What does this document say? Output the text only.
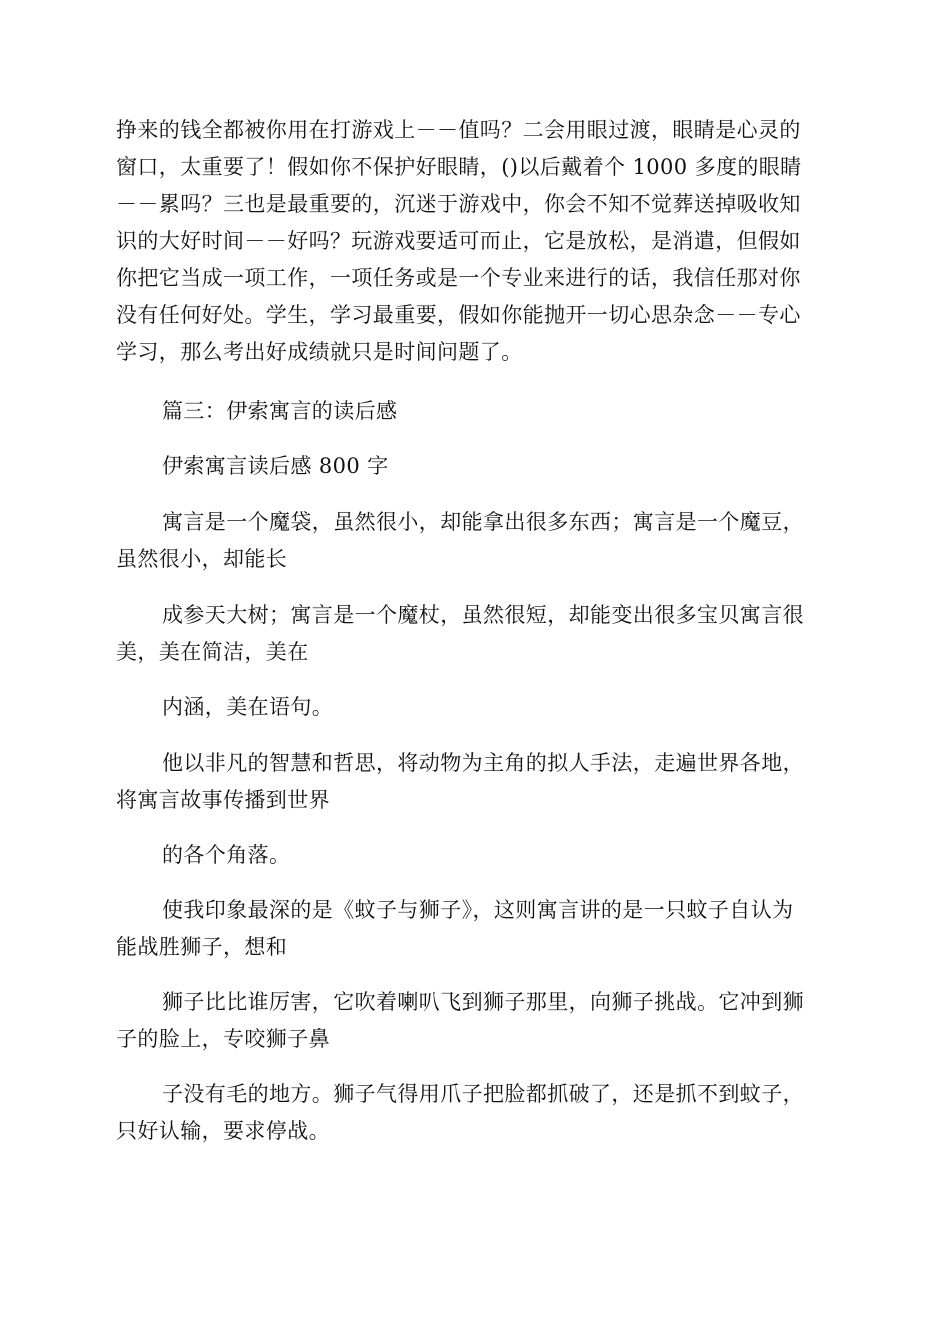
挣来的钱全都被你用在打游戏上－－值吗？二会用眼过渡，眼睛是心灵的
窗口，太重要了！假如你不保护好眼睛，()以后戴着个 1000 多度的眼睛
－－累吗？三也是最重要的，沉迷于游戏中，你会不知不觉葬送掉吸收知
识的大好时间－－好吗？玩游戏要适可而止，它是放松，是消遣，但假如
你把它当成一项工作，一项任务或是一个专业来进行的话，我信任那对你
没有任何好处。学生，学习最重要，假如你能抛开一切心思杂念－－专心
学习，那么考出好成绩就只是时间问题了。
篇三：伊索寓言的读后感
伊索寓言读后感 800 字
寓言是一个魔袋，虽然很小，却能拿出很多东西；寓言是一个魔豆，
虽然很小，却能长
成参天大树；寓言是一个魔杖，虽然很短，却能变出很多宝贝寓言很
美，美在简洁，美在
内涵，美在语句。
他以非凡的智慧和哲思，将动物为主角的拟人手法，走遍世界各地，
将寓言故事传播到世界
的各个角落。
使我印象最深的是《蚊子与狮子》，这则寓言讲的是一只蚊子自认为
能战胜狮子，想和
狮子比比谁厉害，它吹着喇叭飞到狮子那里，向狮子挑战。它冲到狮
子的脸上，专咬狮子鼻
子没有毛的地方。狮子气得用爪子把脸都抓破了，还是抓不到蚊子，
只好认输，要求停战。
